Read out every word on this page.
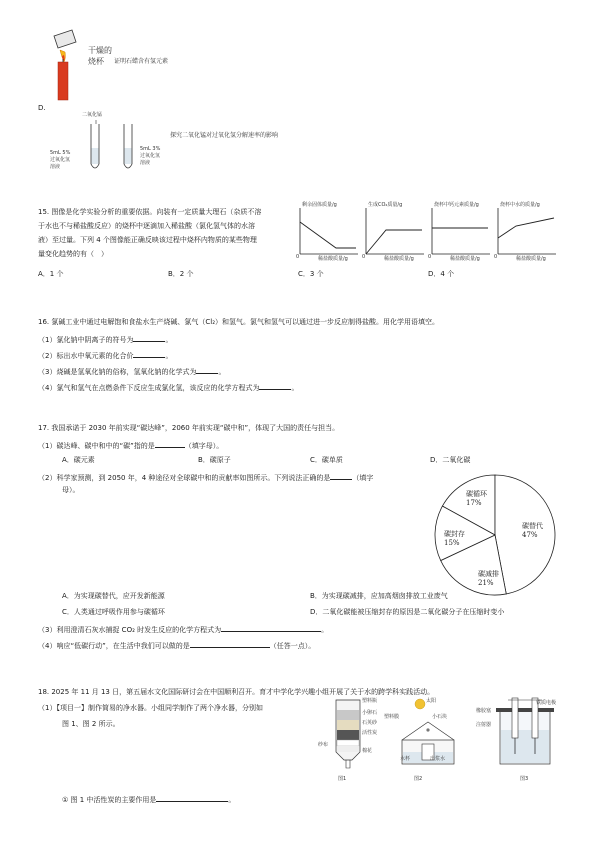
干燥的
烧杯 证明石蜡含有氢元素
D.
二氧化锰
5mL 5%
过氧化氢
溶液
5mL 3%
过氧化氢
溶液
探究二氧化锰对过氧化氢分解速率的影响
15. 图像是化学实验分析的重要依据。向装有一定质量大理石（杂质不溶
于水也不与稀盐酸反应）的烧杯中逐滴加入稀盐酸（氯化氢气体的水溶
液）至过量。下列 4 个图像能正确反映该过程中烧杯内物质的某些物理
量变化趋势的有（　）
剩余固体质量/g
稀盐酸质量/g
0
生成CO₂质量/g
稀盐酸质量/g
0
烧杯中钙元素质量/g
稀盐酸质量/g
0
烧杯中水的质量/g
稀盐酸质量/g
0
A．1 个	B．2 个	C．3 个	D．4 个
16. 氯碱工业中通过电解饱和食盐水生产烧碱、氯气（Cl₂）和氢气。氯气和氢气可以通过进一步反应制得盐酸。用化学用语填空。
（1）氯化钠中阴离子的符号为	。
（2）标出水中氧元素的化合价	。
（3）烧碱是氢氧化钠的俗称，氢氧化钠的化学式为	。
（4）氯气和氢气在点燃条件下反应生成氯化氢，该反应的化学方程式为	。
17. 我国承诺于 2030 年前实现“碳达峰”，2060 年前实现“碳中和”，体现了大国的责任与担当。
（1）碳达峰、碳中和中的“碳”指的是	（填字母）。
A．碳元素	B．碳原子	C．碳单质	D．二氧化碳
（2）科学家预测，到 2050 年，4 种途径对全球碳中和的贡献率如图所示。下列说法正确的是	（填字
母）。
碳替代
47%
碳减排
21%
碳封存
15%
碳循环
17%
A．为实现碳替代，应开发新能源	B．为实现碳减排，应加高烟囱排放工业废气
C．人类通过呼吸作用参与碳循环	D．二氧化碳能被压缩封存的原因是二氧化碳分子在压缩时变小
（3）利用澄清石灰水捕捉 CO₂ 时发生反应的化学方程式为	。
（4）响应“低碳行动”，在生活中我们可以做的是	（任答一点）。
18. 2025 年 11 月 13 日，第五届水文化国际研讨会在中国顺利召开。育才中学化学兴趣小组开展了关于水的跨学科实践活动。
（1）【项目一】制作简易的净水器。小组同学制作了两个净水器，分别如
图 1、图 2 所示。
① 图 1 中活性炭的主要作用是	。
塑料瓶
小卵石
石英砂
活性炭
纱布
棉花
图1
太阳
塑料膜	小石块
水杯	出浆水
图2
铁质电极
橡胶塞
注射器
图3
